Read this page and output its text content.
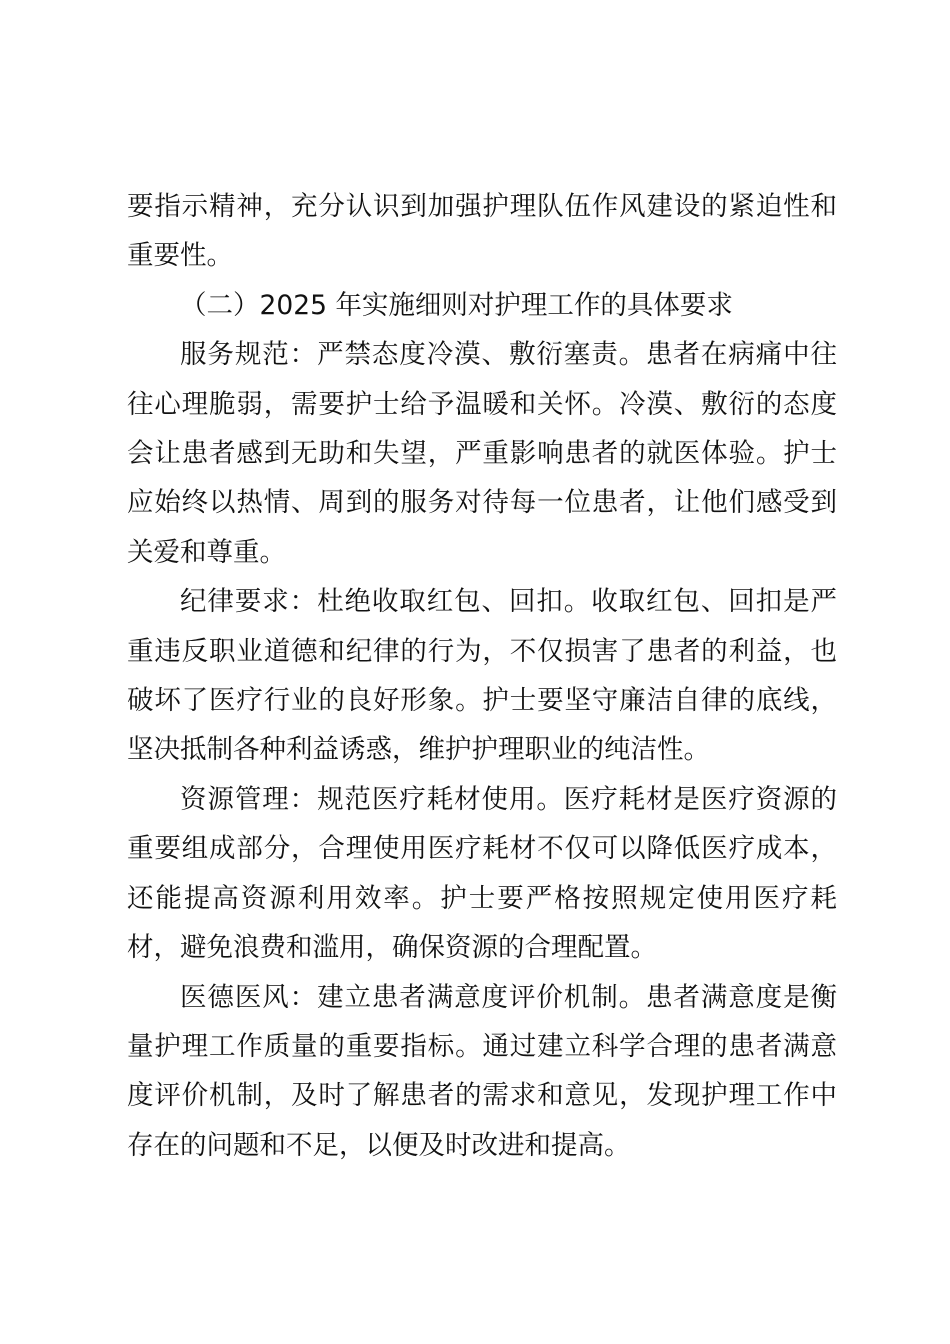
要指示精神，充分认识到加强护理队伍作风建设的紧迫性和重要性。

（二）2025 年实施细则对护理工作的具体要求

服务规范：严禁态度冷漠、敷衍塞责。患者在病痛中往往心理脆弱，需要护士给予温暖和关怀。冷漠、敷衍的态度会让患者感到无助和失望，严重影响患者的就医体验。护士应始终以热情、周到的服务对待每一位患者，让他们感受到关爱和尊重。

纪律要求：杜绝收取红包、回扣。收取红包、回扣是严重违反职业道德和纪律的行为，不仅损害了患者的利益，也破坏了医疗行业的良好形象。护士要坚守廉洁自律的底线，坚决抵制各种利益诱惑，维护护理职业的纯洁性。

资源管理：规范医疗耗材使用。医疗耗材是医疗资源的重要组成部分，合理使用医疗耗材不仅可以降低医疗成本，还能提高资源利用效率。护士要严格按照规定使用医疗耗材，避免浪费和滥用，确保资源的合理配置。

医德医风：建立患者满意度评价机制。患者满意度是衡量护理工作质量的重要指标。通过建立科学合理的患者满意度评价机制，及时了解患者的需求和意见，发现护理工作中存在的问题和不足，以便及时改进和提高。
